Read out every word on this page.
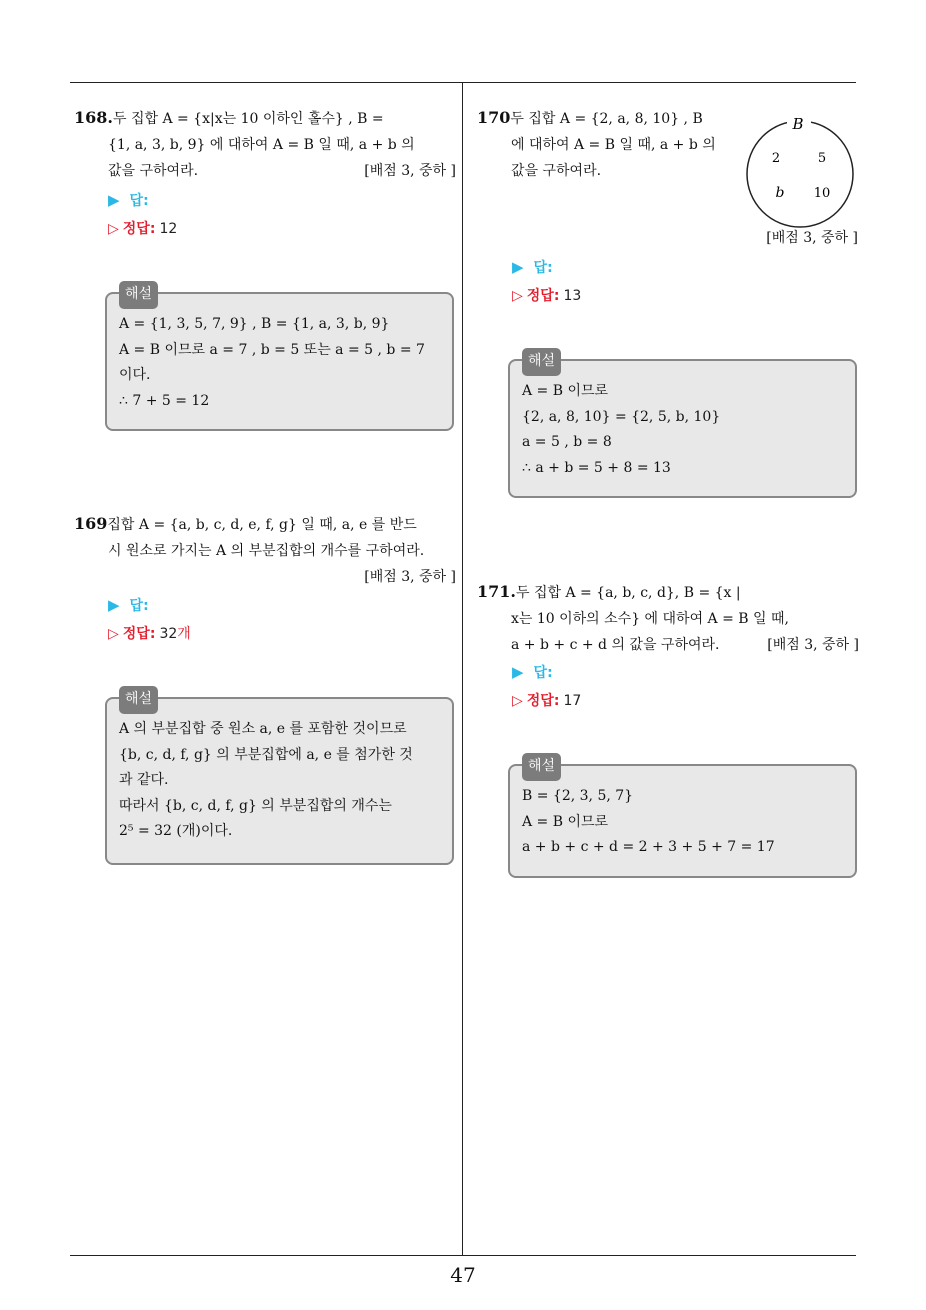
168.두 집합 A = {x|x는 10 이하인 홀수} , B =
{1, a, 3, b, 9} 에 대하여 A = B 일 때, a + b 의
값을 구하여라.	[배점 3, 중하 ]
▶ 답:
▷ 정답: 12
해설
A = {1, 3, 5, 7, 9} , B = {1, a, 3, b, 9}
A = B 이므로 a = 7 , b = 5 또는 a = 5 , b = 7
이다.
∴ 7 + 5 = 12
169집합 A = {a, b, c, d, e, f, g} 일 때, a, e 를 반드
시 원소로 가지는 A 의 부분집합의 개수를 구하여라.
[배점 3, 중하 ]
▶ 답:
▷ 정답: 32개
해설
A 의 부분집합 중 원소 a, e 를 포함한 것이므로
{b, c, d, f, g} 의 부분집합에 a, e 를 첨가한 것
과 같다.
따라서 {b, c, d, f, g} 의 부분집합의 개수는
2⁵ = 32 (개)이다.
170두 집합 A = {2, a, 8, 10} , B
에 대하여 A = B 일 때, a + b 의
값을 구하여라.
B
2	5
b 10
[배점 3, 중하 ]
▶ 답:
▷ 정답: 13
해설
A = B 이므로
{2, a, 8, 10} = {2, 5, b, 10}
a = 5 , b = 8
∴ a + b = 5 + 8 = 13
171.두 집합 A = {a, b, c, d}, B = {x |
x는 10 이하의 소수} 에 대하여 A = B 일 때,
a + b + c + d 의 값을 구하여라.	[배점 3, 중하 ]
▶ 답:
▷ 정답: 17
해설
B = {2, 3, 5, 7}
A = B 이므로
a + b + c + d = 2 + 3 + 5 + 7 = 17
47
